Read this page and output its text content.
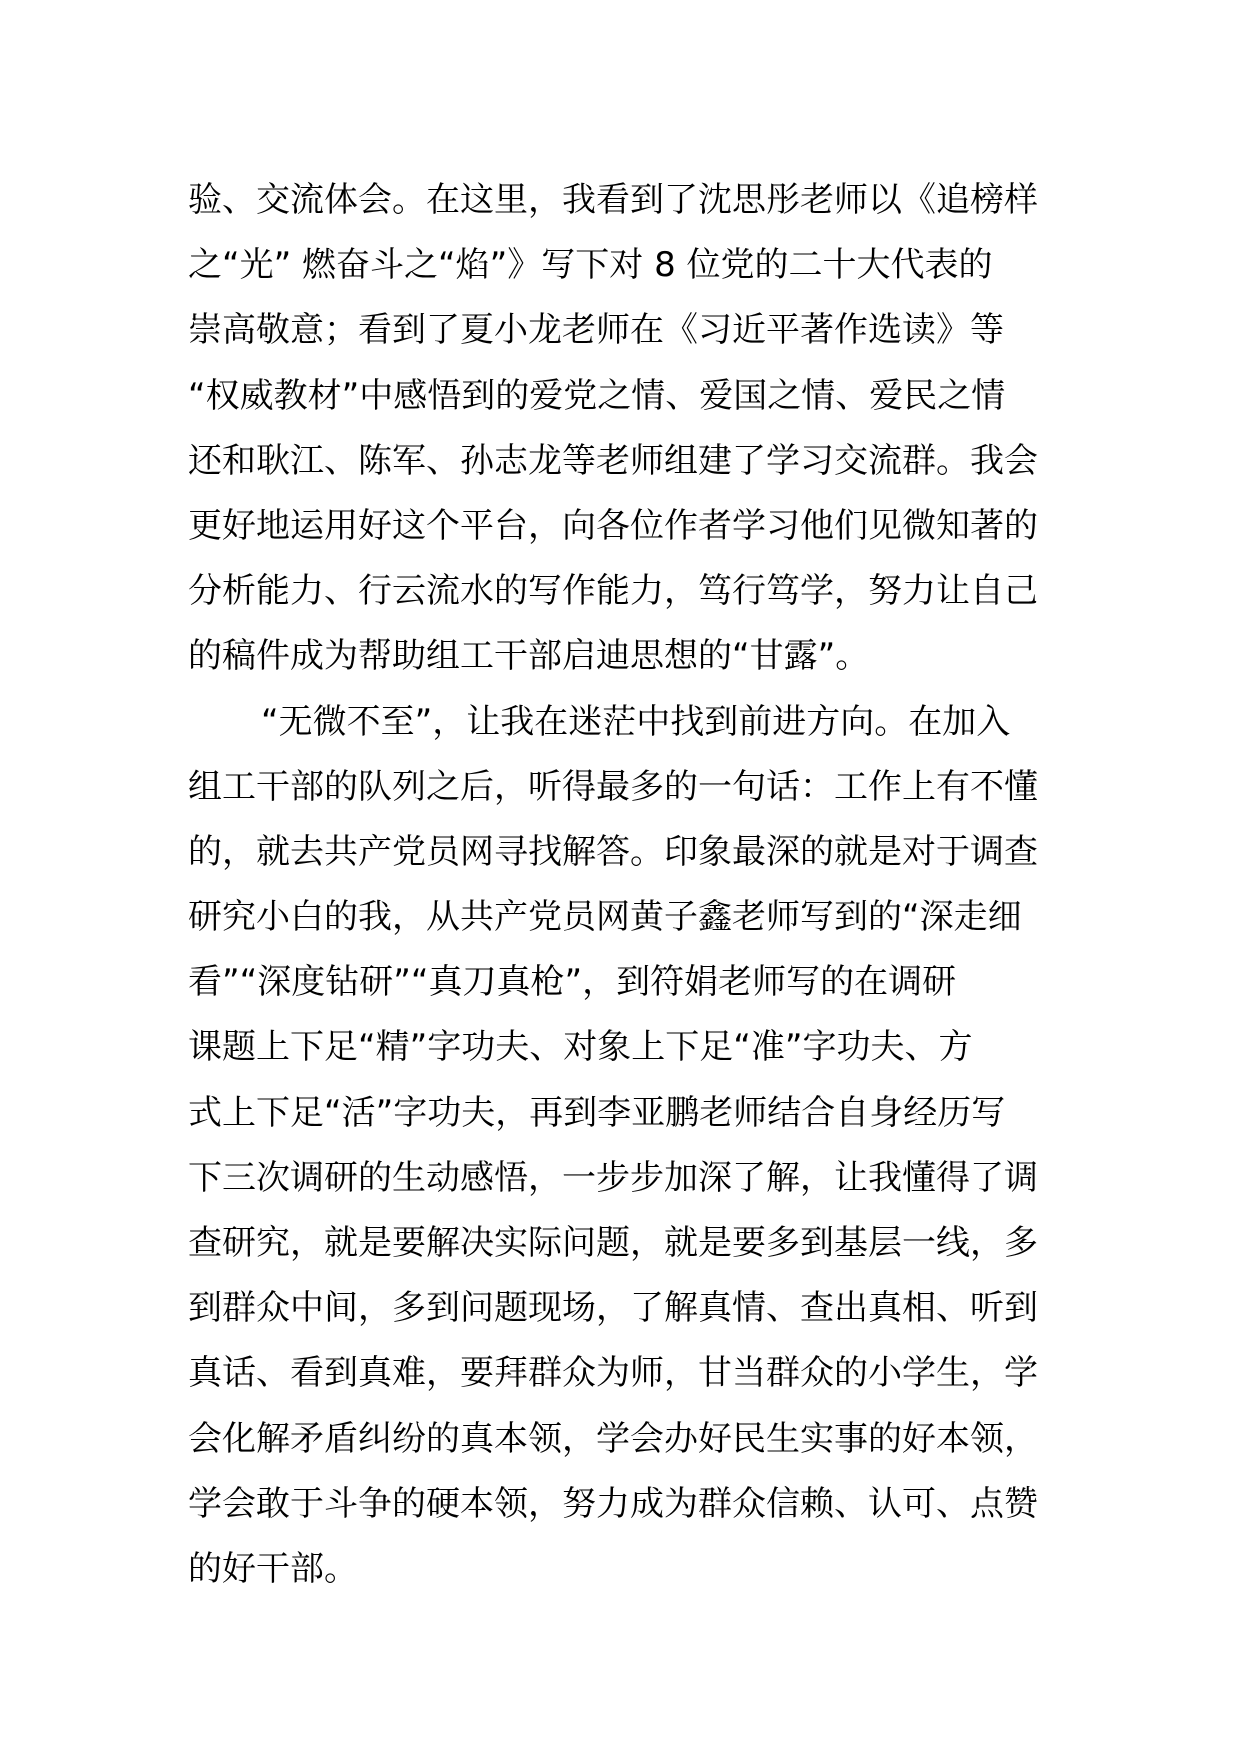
验、交流体会。在这里，我看到了沈思彤老师以《追榜样
之“光” 燃奋斗之“焰”》写下对 8 位党的二十大代表的
崇高敬意；看到了夏小龙老师在《习近平著作选读》等
“权威教材”中感悟到的爱党之情、爱国之情、爱民之情
还和耿江、陈军、孙志龙等老师组建了学习交流群。我会
更好地运用好这个平台，向各位作者学习他们见微知著的
分析能力、行云流水的写作能力，笃行笃学，努力让自己
的稿件成为帮助组工干部启迪思想的“甘露”。
“无微不至”，让我在迷茫中找到前进方向。在加入
组工干部的队列之后，听得最多的一句话：工作上有不懂
的，就去共产党员网寻找解答。印象最深的就是对于调查
研究小白的我，从共产党员网黄子鑫老师写到的“深走细
看”“深度钻研”“真刀真枪”，到符娟老师写的在调研
课题上下足“精”字功夫、对象上下足“准”字功夫、方
式上下足“活”字功夫，再到李亚鹏老师结合自身经历写
下三次调研的生动感悟，一步步加深了解，让我懂得了调
查研究，就是要解决实际问题，就是要多到基层一线，多
到群众中间，多到问题现场，了解真情、查出真相、听到
真话、看到真难，要拜群众为师，甘当群众的小学生，学
会化解矛盾纠纷的真本领，学会办好民生实事的好本领，
学会敢于斗争的硬本领，努力成为群众信赖、认可、点赞
的好干部。
